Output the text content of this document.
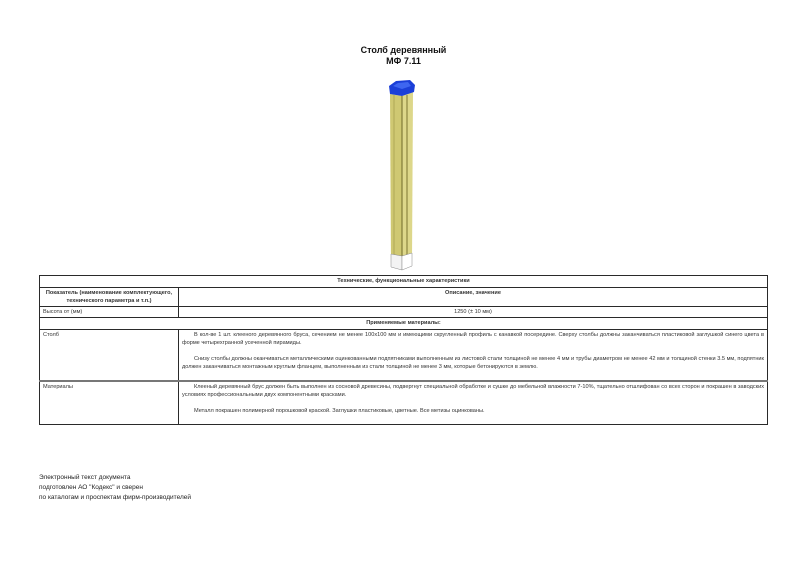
Столб деревянный
МФ 7.11
Технические, функциональные характеристики	
Показатель (наименование комплектующего, технического параметра и т.п.)	Описание, значение
Высота от (мм)	1250 (± 10 мм)
Применяемые материалы:	
Столб	В кол-ве 1 шт. клееного деревянного бруса, сечением не менее 100х100 мм и имеющими скругленный профиль с канавкой посередине. Сверху столбы должны заканчиваться пластиковой заглушкой синего цвета в форме четырехгранной усеченной пирамиды.

Снизу столбы должны оканчиваться металлическими оцинкованными подпятниками выполненным из листовой стали толщиной не менее 4 мм и трубы диаметром не менее 42 мм и толщиной стенки 3.5 мм, подпятник должен заканчиваться монтажным круглым фланцем, выполненным из стали толщиной не менее 3 мм, которые бетонируются в землю.

Материалы	Клееный деревянный брус должен быть выполнен из сосновой древесины, подвергнут специальной обработке и сушке до мебельной влажности 7-10%, тщательно отшлифован со всех сторон и покрашен в заводских условиях профессиональными двух компонентными красками.

Металл покрашен полимерной порошковой краской. Заглушки пластиковые, цветные. Все метизы оцинкованы.

Электронный текст документа
подготовлен АО "Кодекс" и сверен
по каталогам и проспектам фирм-производителей
